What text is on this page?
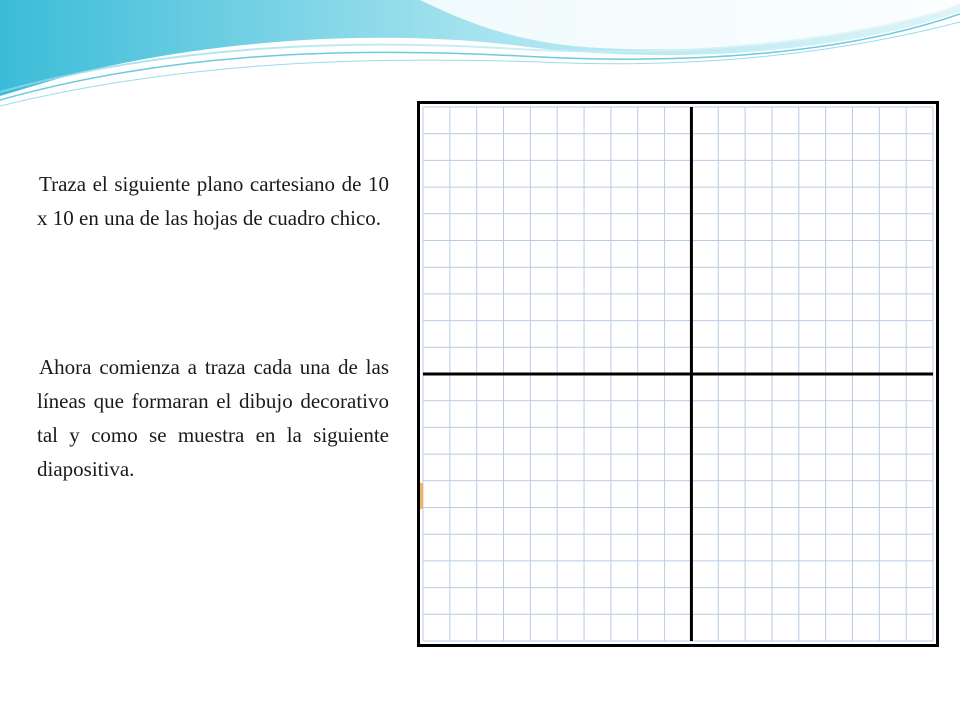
Traza el siguiente plano cartesiano de 10 x 10 en una de las hojas de cuadro chico.
Ahora comienza a traza cada una de las líneas que formaran el dibujo decorativo tal y como se muestra en la siguiente diapositiva.
